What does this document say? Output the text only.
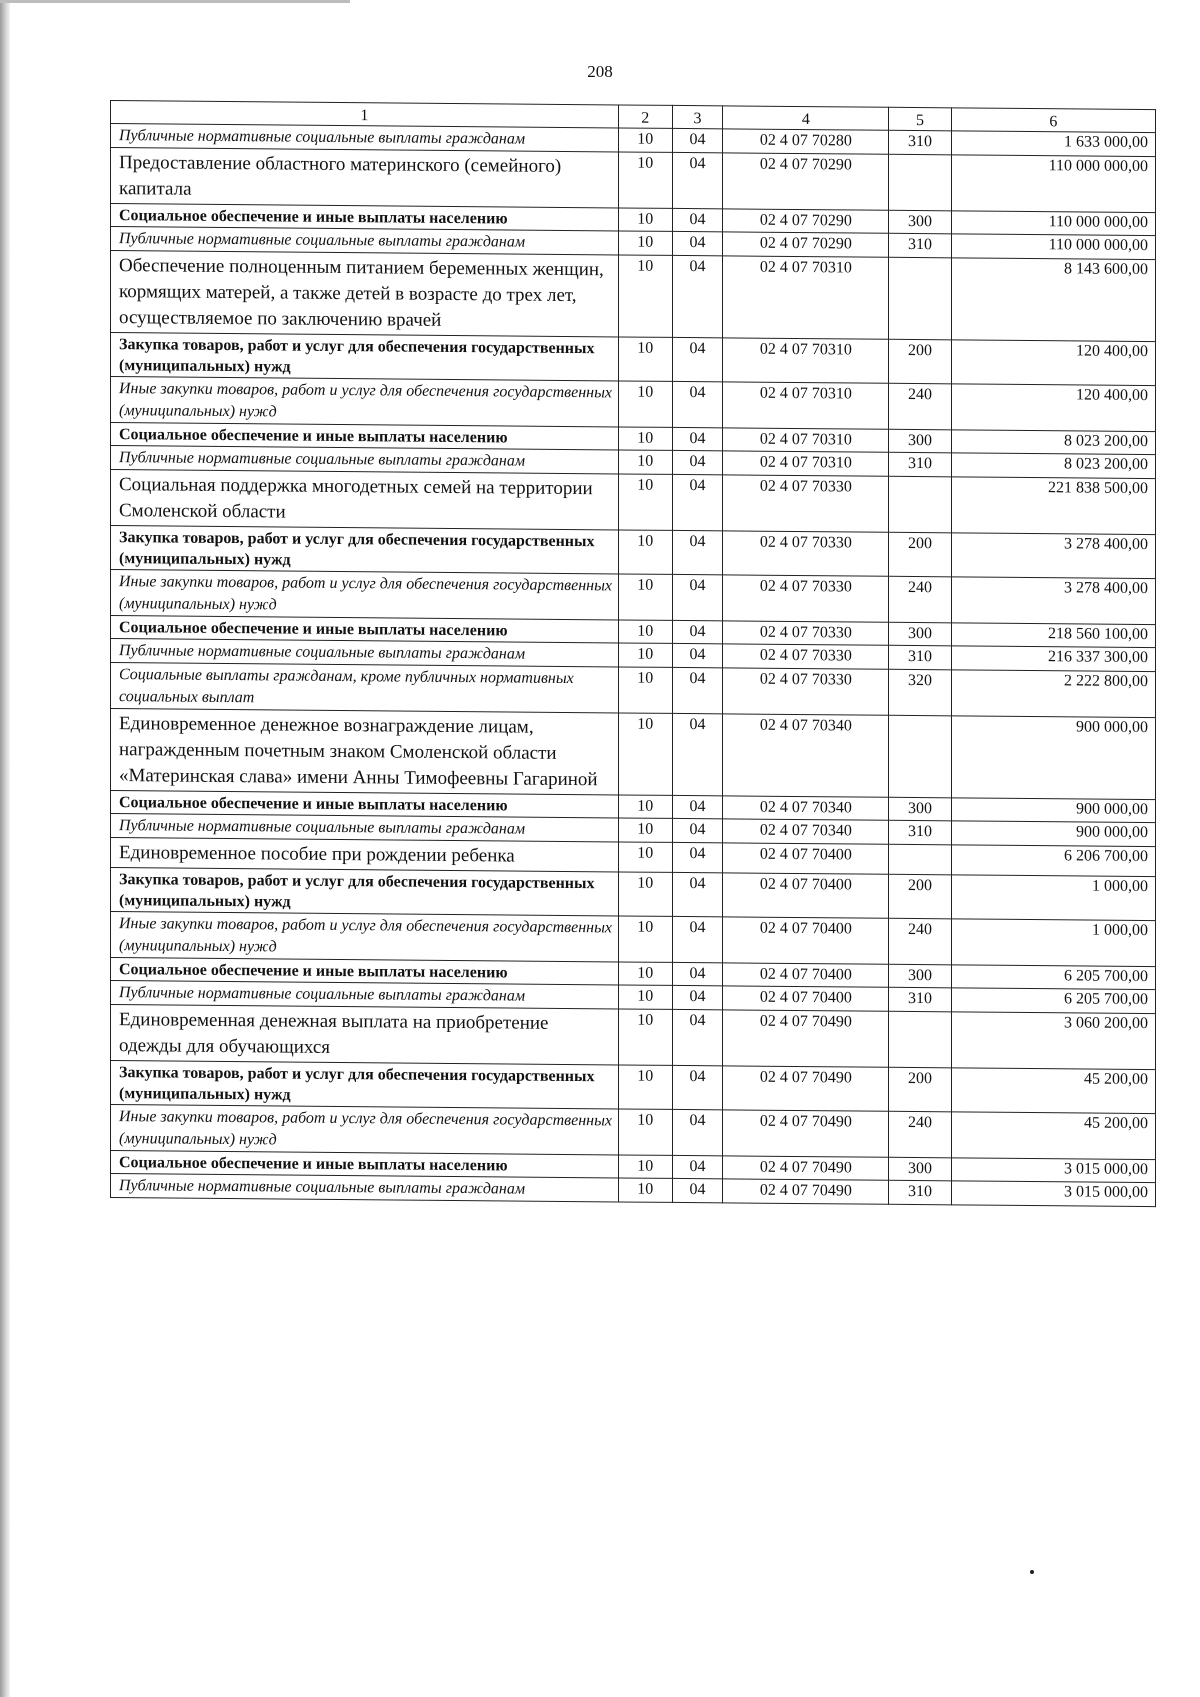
208
1	2	3	4	5	6
Публичные нормативные социальные выплаты гражданам	10	04	02 4 07 70280	310	1 633 000,00
Предоставление областного материнского (семейного) капитала	10	04	02 4 07 70290		110 000 000,00
Социальное обеспечение и иные выплаты населению	10	04	02 4 07 70290	300	110 000 000,00
Публичные нормативные социальные выплаты гражданам	10	04	02 4 07 70290	310	110 000 000,00
Обеспечение полноценным питанием беременных женщин, кормящих матерей, а также детей в возрасте до трех лет, осуществляемое по заключению врачей	10	04	02 4 07 70310		8 143 600,00
Закупка товаров, работ и услуг для обеспечения государственных (муниципальных) нужд	10	04	02 4 07 70310	200	120 400,00
Иные закупки товаров, работ и услуг для обеспечения государственных (муниципальных) нужд	10	04	02 4 07 70310	240	120 400,00
Социальное обеспечение и иные выплаты населению	10	04	02 4 07 70310	300	8 023 200,00
Публичные нормативные социальные выплаты гражданам	10	04	02 4 07 70310	310	8 023 200,00
Социальная поддержка многодетных семей на территории Смоленской области	10	04	02 4 07 70330		221 838 500,00
Закупка товаров, работ и услуг для обеспечения государственных (муниципальных) нужд	10	04	02 4 07 70330	200	3 278 400,00
Иные закупки товаров, работ и услуг для обеспечения государственных (муниципальных) нужд	10	04	02 4 07 70330	240	3 278 400,00
Социальное обеспечение и иные выплаты населению	10	04	02 4 07 70330	300	218 560 100,00
Публичные нормативные социальные выплаты гражданам	10	04	02 4 07 70330	310	216 337 300,00
Социальные выплаты гражданам, кроме публичных нормативных социальных выплат	10	04	02 4 07 70330	320	2 222 800,00
Единовременное денежное вознаграждение лицам, награжденным почетным знаком Смоленской области «Материнская слава» имени Анны Тимофеевны Гагариной	10	04	02 4 07 70340		900 000,00
Социальное обеспечение и иные выплаты населению	10	04	02 4 07 70340	300	900 000,00
Публичные нормативные социальные выплаты гражданам	10	04	02 4 07 70340	310	900 000,00
Единовременное пособие при рождении ребенка	10	04	02 4 07 70400		6 206 700,00
Закупка товаров, работ и услуг для обеспечения государственных (муниципальных) нужд	10	04	02 4 07 70400	200	1 000,00
Иные закупки товаров, работ и услуг для обеспечения государственных (муниципальных) нужд	10	04	02 4 07 70400	240	1 000,00
Социальное обеспечение и иные выплаты населению	10	04	02 4 07 70400	300	6 205 700,00
Публичные нормативные социальные выплаты гражданам	10	04	02 4 07 70400	310	6 205 700,00
Единовременная денежная выплата на приобретение одежды для обучающихся	10	04	02 4 07 70490		3 060 200,00
Закупка товаров, работ и услуг для обеспечения государственных (муниципальных) нужд	10	04	02 4 07 70490	200	45 200,00
Иные закупки товаров, работ и услуг для обеспечения государственных (муниципальных) нужд	10	04	02 4 07 70490	240	45 200,00
Социальное обеспечение и иные выплаты населению	10	04	02 4 07 70490	300	3 015 000,00
Публичные нормативные социальные выплаты гражданам	10	04	02 4 07 70490	310	3 015 000,00
